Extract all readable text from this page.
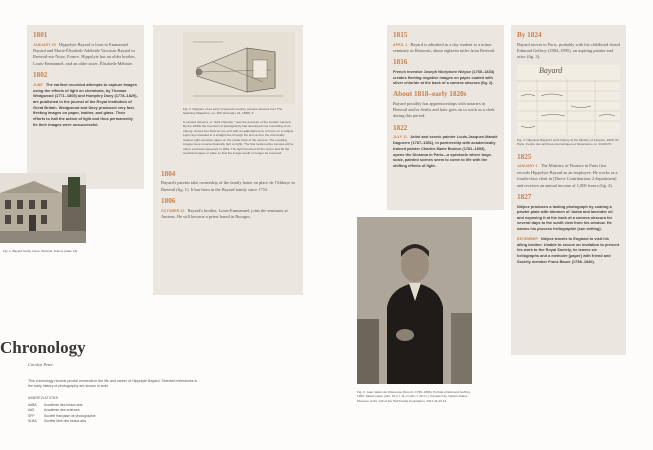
1801

JANUARY 20 Hippolyte Bayard is born to Emmanuel Bayard and Marie-Élisabeth-Adélaïde Vacossin Bayard in Breteuil-sur-Noye, France. Hippolyte has an older brother, Louis-Emmanuel, and an older sister, Élisabeth-Mélanie.

1802

JUNE The earliest recorded attempts to capture images using the effects of light on chemicals, by Thomas Wedgwood (1771–1805) and Humphry Davy (1778–1829), are published in the journal of the Royal Institution of Great Britain. Wedgwood and Davy produced very fast, fleeting images on paper, leather, and glass. Their efforts to halt the action of light and thus permanently fix their images were unsuccessful.

Fig. 1. Bayard family home, Breteuil, France (plate 13).

Fig. 2. Diagram of an early nineteenth-century camera obscura from The Saturday Magazine, no. 382 (February 24, 1838): 9.

A camera obscura, or "dark chamber," was the ancestor of the modern camera. By the 1830s the inventors of photography had developed one consisting of an oblong, closed box fitted at one end with an adjustable lens to focus on a subject. Light rays travelled in a straight line through the lens and to the chemically treated, light-sensitive paper on the inside back of the camera. The resulting images were reversed laterally (left to right). The first model-reflex camera with a mirror enclosed appeared in 1861. The light bounced off the mirror and hit the sensitized paper or plate so that the image would no longer be reversed.

1804

Bayard's parents take ownership of the family home on place de l'Abbaye in Breteuil (fig. 1). It has been in the Bayard family since 1753.

1806

OCTOBER 22 Bayard's brother, Louis-Emmanuel, joins the seminary at Amiens. He will become a priest based in Bourges.

Chronology

Carolyn Peter

This chronology records pivotal moments in the life and career of Hippolyte Bayard. Selected milestones in the early history of photography are shown in bold.

ABBREVIATIONS

AdBA Académie des beaux-arts
AdS	Académie des sciences
SFP	Société française de photographie
SLBA Société libre des beaux-arts

1815

APRIL 1 Bayard is admitted as a day student to a minor seminary in Beauvais, about eighteen miles from Breteuil.

1816

French inventor Joseph Nicéphore Niépce (1765–1833) creates fleeting negative images on paper coated with silver chloride at the back of a camera obscura (fig. 2).

About 1818–early 1820s

Bayard possibly has apprenticeships with notaries in Breteuil and/or Senlis and later goes on to work as a clerk during this period.

1822

JULY 11 Artist and scenic painter Louis-Jacques-Mandé Daguerre (1787–1851), in partnership with academically trained painter Charles Marie Bouton (1781–1853), opens the Diorama in Paris—a spectacle where large-scale, painted scenes seem to come to life with the shifting effects of light.

Fig. 3. Jean-Valois de Villeneuve (French, 1799–1866). Portrait of Edmond Geffroy, 1853. Salted paper print, 16.2 × 11 cm (6¾ × 4⅜ in.). Kansas City, Nelson-Atkins Museum of Art, Gift of the Hall Family Foundation, 2017.44.23.14

By 1824

Bayard moves to Paris, probably with his childhood friend Edmond Geffroy (1804–1895), an aspiring painter and actor (fig. 3).

Bayard

Fig. 4. Hippolyte Bayard's work history at the Ministry of Finance, 1825–51. Paris, Centre des archives économiques et financières, no. 1C20174

1825

JANUARY 1 The Ministry of Finance in Paris first records Hippolyte Bayard as an employee. He works as a fourth-class clerk in [Direct Contributions 2 department] and receives an annual income of 1,000 francs (fig. 4).

1827

Niépce produces a lasting photograph by coating a pewter plate with bitumen of Judea and lavender oil and exposing it at the back of a camera obscura for several days to the sunlit view from his window. He names his process héliographie (sun writing).

DECEMBER Niépce travels to England to visit his ailing brother. Unable to secure an invitation to present his work to the Royal Society, he leaves six heliographs and a mémoire [paper] with friend and Society member Franz Bauer (1758–1840).
